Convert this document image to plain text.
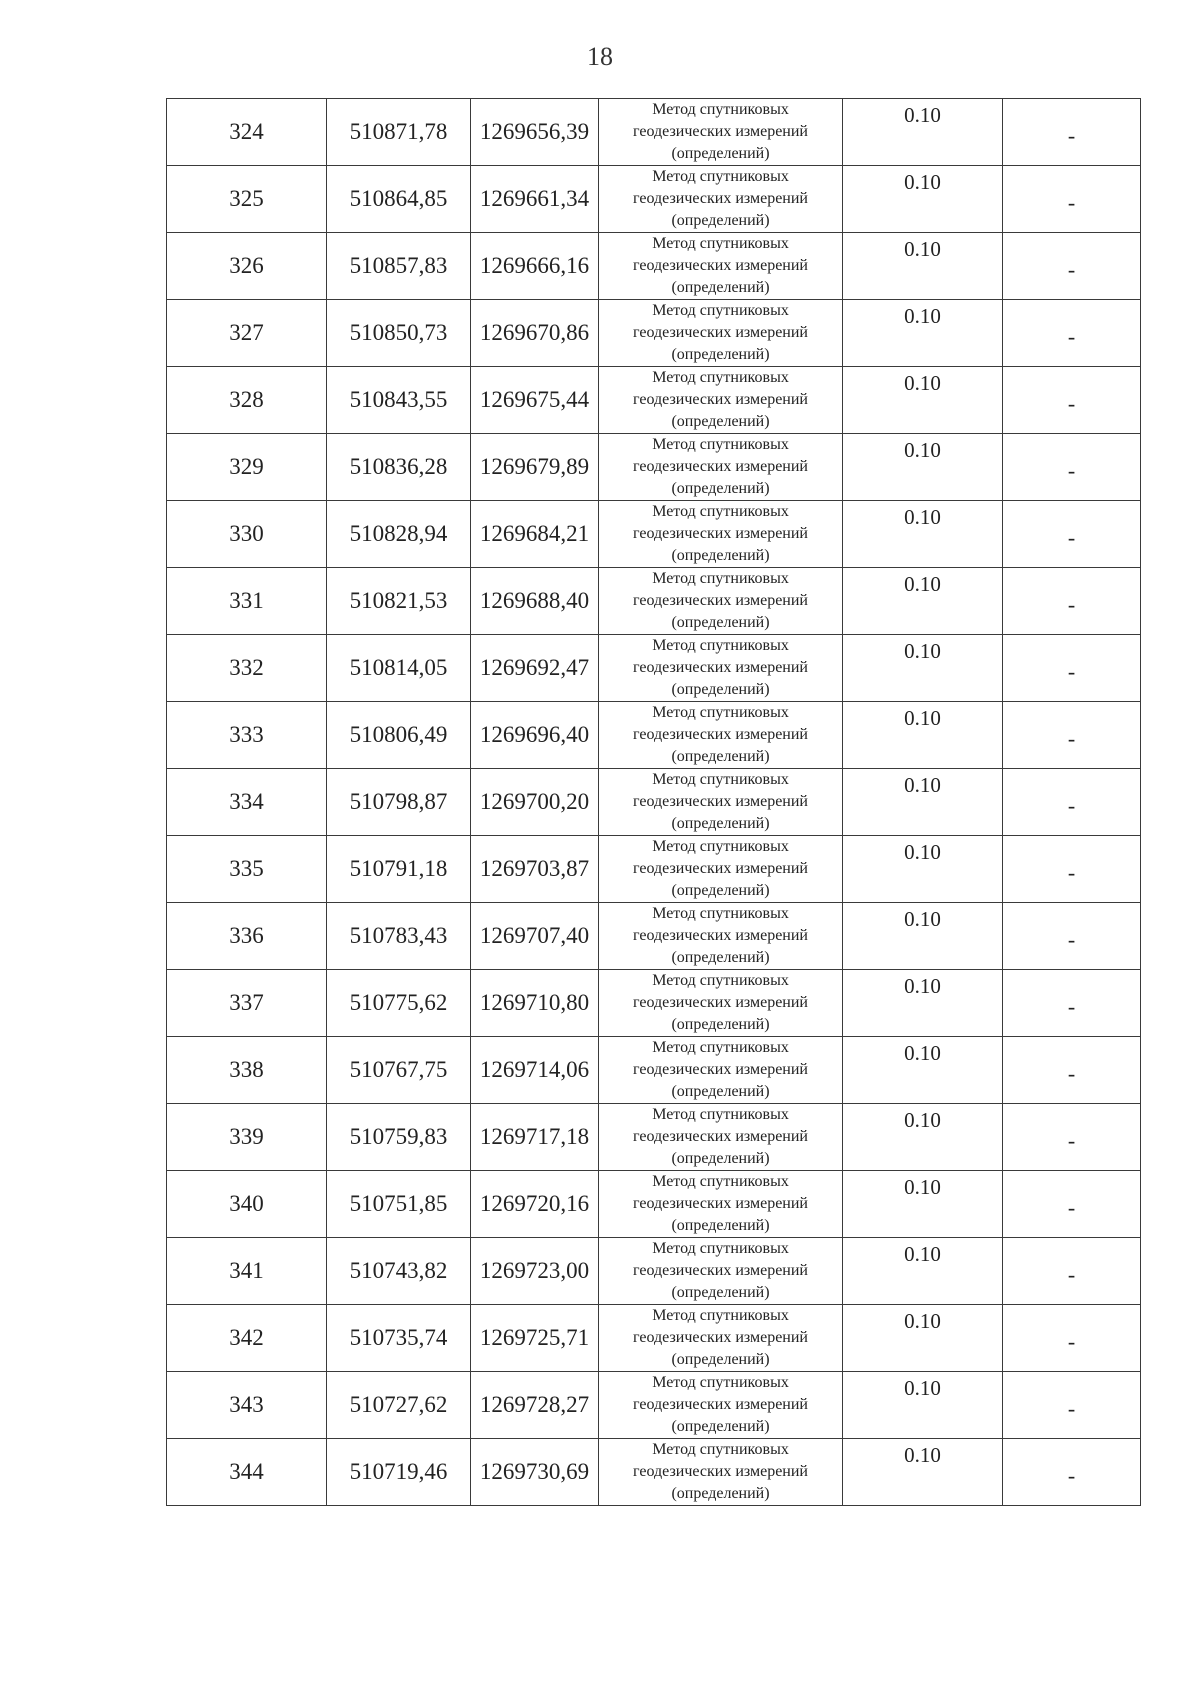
18
324	510871,78	1269656,39	Метод спутниковых
геодезических измерений
(определений)	0.10	-
325	510864,85	1269661,34	Метод спутниковых
геодезических измерений
(определений)	0.10	-
326	510857,83	1269666,16	Метод спутниковых
геодезических измерений
(определений)	0.10	-
327	510850,73	1269670,86	Метод спутниковых
геодезических измерений
(определений)	0.10	-
328	510843,55	1269675,44	Метод спутниковых
геодезических измерений
(определений)	0.10	-
329	510836,28	1269679,89	Метод спутниковых
геодезических измерений
(определений)	0.10	-
330	510828,94	1269684,21	Метод спутниковых
геодезических измерений
(определений)	0.10	-
331	510821,53	1269688,40	Метод спутниковых
геодезических измерений
(определений)	0.10	-
332	510814,05	1269692,47	Метод спутниковых
геодезических измерений
(определений)	0.10	-
333	510806,49	1269696,40	Метод спутниковых
геодезических измерений
(определений)	0.10	-
334	510798,87	1269700,20	Метод спутниковых
геодезических измерений
(определений)	0.10	-
335	510791,18	1269703,87	Метод спутниковых
геодезических измерений
(определений)	0.10	-
336	510783,43	1269707,40	Метод спутниковых
геодезических измерений
(определений)	0.10	-
337	510775,62	1269710,80	Метод спутниковых
геодезических измерений
(определений)	0.10	-
338	510767,75	1269714,06	Метод спутниковых
геодезических измерений
(определений)	0.10	-
339	510759,83	1269717,18	Метод спутниковых
геодезических измерений
(определений)	0.10	-
340	510751,85	1269720,16	Метод спутниковых
геодезических измерений
(определений)	0.10	-
341	510743,82	1269723,00	Метод спутниковых
геодезических измерений
(определений)	0.10	-
342	510735,74	1269725,71	Метод спутниковых
геодезических измерений
(определений)	0.10	-
343	510727,62	1269728,27	Метод спутниковых
геодезических измерений
(определений)	0.10	-
344	510719,46	1269730,69	Метод спутниковых
геодезических измерений
(определений)	0.10	-
